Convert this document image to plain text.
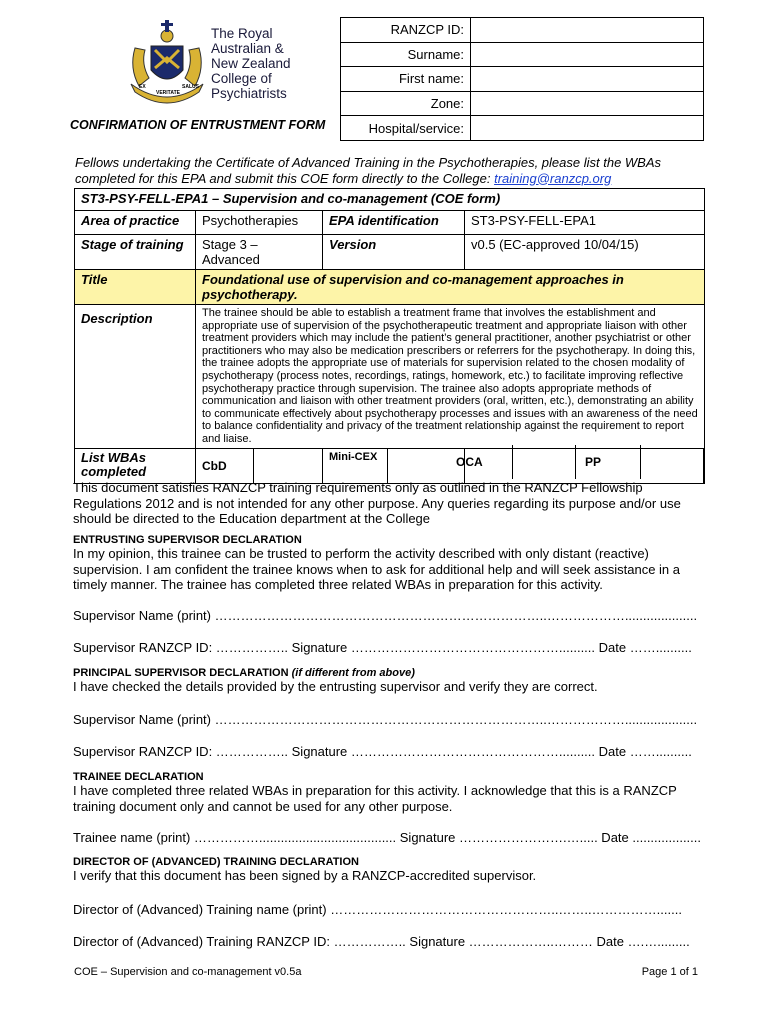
EX
VERITATE
SALUS
The Royal
Australian &
New Zealand
College of
Psychiatrists
RANZCP ID:	
Surname:	
First name:	
Zone:	
Hospital/service:	
CONFIRMATION OF ENTRUSTMENT FORM
Fellows undertaking the Certificate of Advanced Training in the Psychotherapies, please list the WBAs completed for this EPA and submit this COE form directly to the College: training@ranzcp.org
ST3-PSY-FELL-EPA1 – Supervision and co-management (COE form)
Area of practice	Psychotherapies	EPA identification	ST3-PSY-FELL-EPA1
Stage of training	Stage 3 – Advanced	Version	v0.5 (EC-approved 10/04/15)
Title	Foundational use of supervision and co-management approaches in psychotherapy.
Description	The trainee should be able to establish a treatment frame that involves the establishment and appropriate use of supervision of the psychotherapeutic treatment and appropriate liaison with other treatment providers which may include the patient’s general practitioner, another psychiatrist or other practitioners who may also be medication prescribers or referrers for the psychotherapy. In doing this, the trainee adopts the appropriate use of materials for supervision related to the chosen modality of psychotherapy (process notes, recordings, ratings, homework, etc.) to facilitate improving reflective psychotherapy practice through supervision. The trainee also adopts appropriate methods of communication and liaison with other treatment providers (oral, written, etc.), demonstrating an ability to communicate effectively about psychotherapy processes and issues with an awareness of the need to balance confidentiality and privacy of the treatment relationship against the requirement to report and liaise.
List WBAs completed	CbD		Mini-CEX			OCA	PP
This document satisfies RANZCP training requirements only as outlined in the RANZCP Fellowship Regulations 2012 and is not intended for any other purpose. Any queries regarding its purpose and/or use should be directed to the Education department at the College
ENTRUSTING SUPERVISOR DECLARATION
In my opinion, this trainee can be trusted to perform the activity described with only distant (reactive) supervision. I am confident the trainee knows when to ask for additional help and will seek assistance in a timely manner. The trainee has completed three related WBAs in preparation for this activity.
Supervisor Name (print) …………………………………………………………………..………………....................
Supervisor RANZCP ID: …………….. Signature ………………………………………….......... Date ……..........
PRINCIPAL SUPERVISOR DECLARATION (if different from above)
I have checked the details provided by the entrusting supervisor and verify they are correct.
Supervisor Name (print) …………………………………………………………………..………………....................
Supervisor RANZCP ID: …………….. Signature ………………………………………….......... Date ……..........
TRAINEE DECLARATION
I have completed three related WBAs in preparation for this activity. I acknowledge that this is a RANZCP training document only and cannot be used for any other purpose.
Trainee name (print) ……………...................................... Signature …………………….…..... Date ...................
DIRECTOR OF (ADVANCED) TRAINING DECLARATION
I verify that this document has been signed by a RANZCP-accredited supervisor.
Director of (Advanced) Training name (print) ……………………………………………..……..…………….......
Director of (Advanced) Training RANZCP ID: …………….. Signature ………………..……… Date ….….........
COE – Supervision and co-management v0.5a	Page 1 of 1
